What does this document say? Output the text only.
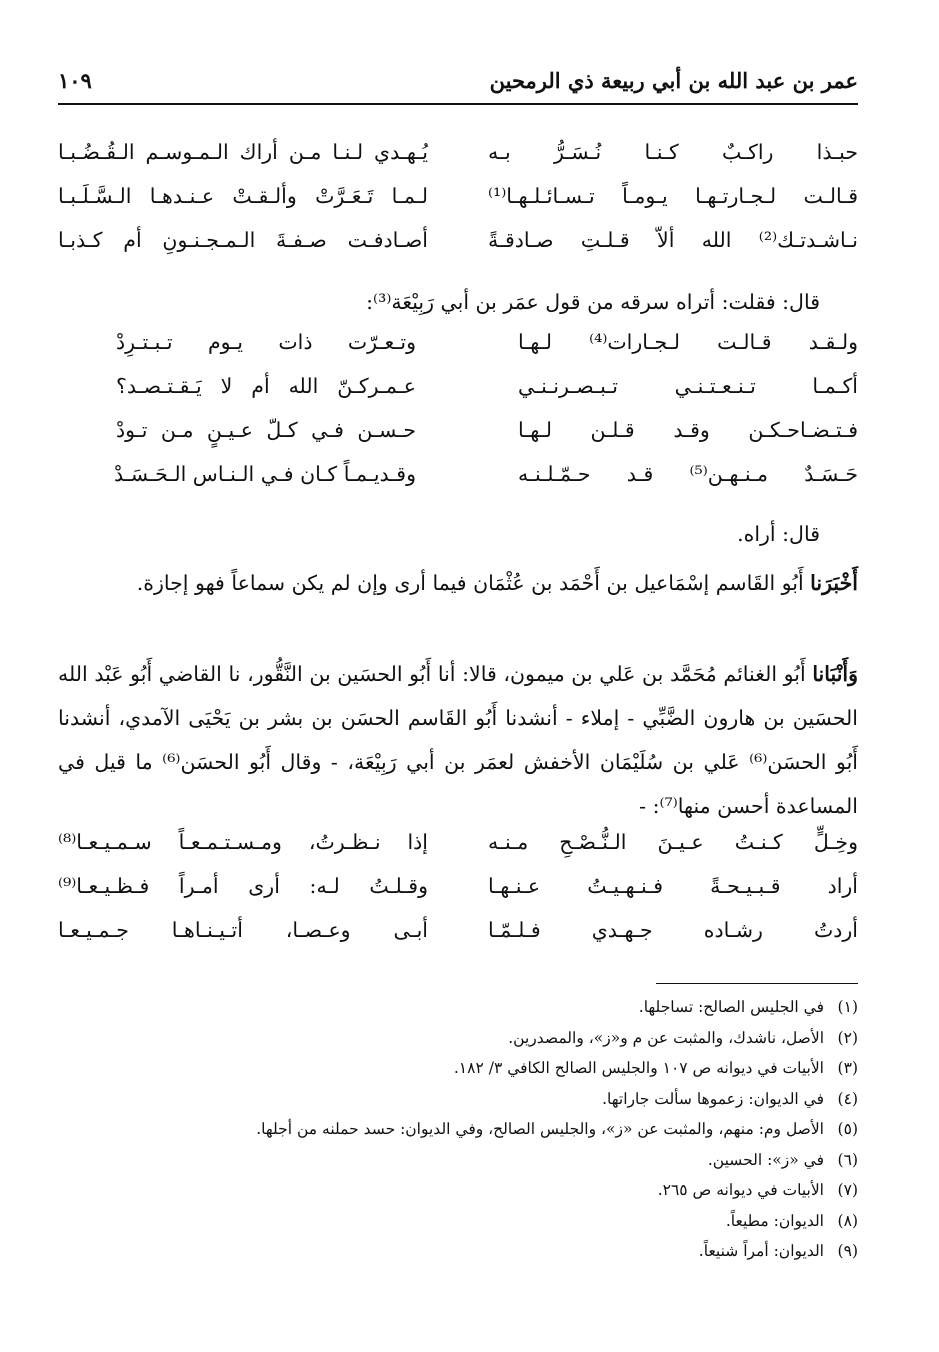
عمر بن عبد الله بن أبي ربيعة ذي الرمحين
١٠٩
حبـذا راكـبٌ كـنـا نُـسَـرُّ بـه
يُـهـدي لـنـا مـن أراك الـمـوسـم الـقُـضُـبـا
قـالـت لـجـارتـهـا يـومـاً تـسـائـلـهـا⁽¹⁾
لـمـا تَـعَـرَّتْ وألـقـتْ عـنـدهـا الـسَّـلَـبـا
نـاشـدتـك⁽²⁾ الله ألاّ قـلـتِ صـادقـةً
أصـادفـت صـفـةَ الـمـجـنـونِ أم كـذبـا
قال: فقلت: أتراه سرقه من قول عمَر بن أبي رَبِيْعَة⁽³⁾:
ولـقـد قـالـت لـجـارات⁽⁴⁾ لـهـا
وتـعـرّت ذات يـوم تـبـتـرِدْ
أكـمـا تـنـعـتـنـي تـبـصـرنـنـي
عـمـركـنّ الله أم لا يَـقـتـصـد؟
فـتـضـاحـكـن وقـد قـلـن لـهـا
حـسـن فـي كـلّ عـيـنٍ مـن تـودْ
حَـسَـدٌ مـنـهـن⁽⁵⁾ قـد حـمّـلـنـه
وقـديـمـاً كـان فـي الـنـاس الـحَـسَـدْ
قال: أراه.
أَخْبَرَنا أَبُو القَاسم إسْمَاعيل بن أَحْمَد بن عُثْمَان فيما أرى وإن لم يكن سماعاً فهو إجازة.
وَأَنْبَانا أَبُو الغنائم مُحَمَّد بن عَلي بن ميمون، قالا: أنا أَبُو الحسَين بن النَّقُّور، نا القاضي أَبُو عَبْد الله الحسَين بن هارون الضَّبِّي - إملاء - أنشدنا أَبُو القَاسم الحسَن بن بشر بن يَحْيَى الآمدي، أنشدنا أَبُو الحسَن⁽⁶⁾ عَلي بن سُلَيْمَان الأخفش لعمَر بن أبي رَبِيْعَة، - وقال أَبُو الحسَن⁽⁶⁾ ما قيل في المساعدة أحسن منها⁽⁷⁾: -
وخِـلٍّ كـنـتُ عـيـنَ الـنُّـصْـحِ مـنـه
إذا نـظـرتُ، ومـسـتـمـعـاً سـمـيـعـا⁽⁸⁾
أراد قـبـيـحـةً فـنـهـيـتُ عـنـهـا
وقـلـتُ لـه: أرى أمـراً فـظـيـعـا⁽⁹⁾
أردتُ رشـاده جـهـدي فـلـمّـا
أبـى وعـصـا، أتـيـنـاهـا جـمـيـعـا
(١)في الجليس الصالح: تساجلها.
(٢)الأصل، ناشدك، والمثبت عن م و«ز»، والمصدرين.
(٣)الأبيات في ديوانه ص ١٠٧ والجليس الصالح الكافي ٣/ ١٨٢.
(٤)في الديوان: زعموها سألت جاراتها.
(٥)الأصل وم: منهم، والمثبت عن «ز»، والجليس الصالح، وفي الديوان: حسد حملنه من أجلها.
(٦)في «ز»: الحسين.
(٧)الأبيات في ديوانه ص ٢٦٥.
(٨)الديوان: مطيعاً.
(٩)الديوان: أمراً شنيعاً.
